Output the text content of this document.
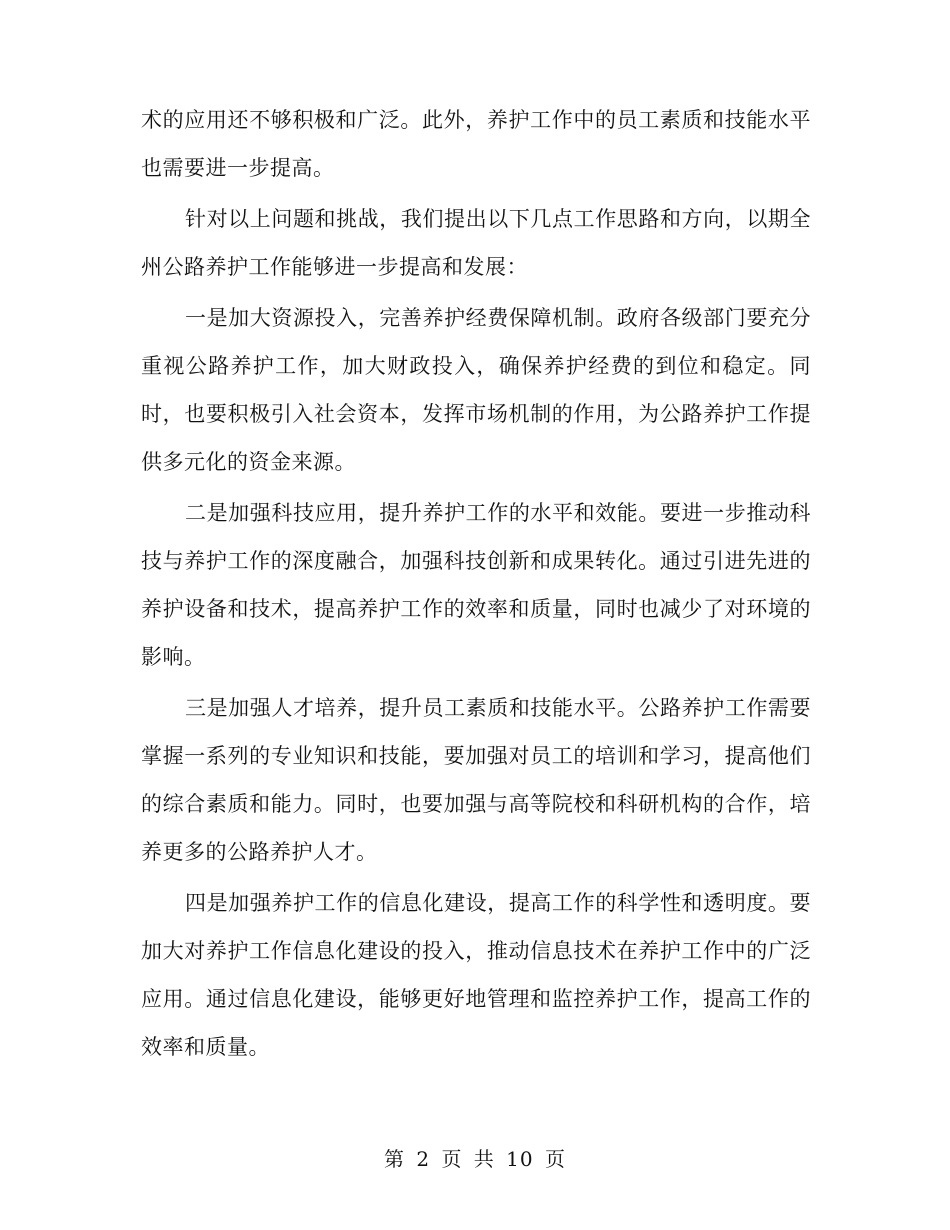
术的应用还不够积极和广泛。此外，养护工作中的员工素质和技能水平也需要进一步提高。

针对以上问题和挑战，我们提出以下几点工作思路和方向，以期全州公路养护工作能够进一步提高和发展：

一是加大资源投入，完善养护经费保障机制。政府各级部门要充分重视公路养护工作，加大财政投入，确保养护经费的到位和稳定。同时，也要积极引入社会资本，发挥市场机制的作用，为公路养护工作提供多元化的资金来源。

二是加强科技应用，提升养护工作的水平和效能。要进一步推动科技与养护工作的深度融合，加强科技创新和成果转化。通过引进先进的养护设备和技术，提高养护工作的效率和质量，同时也减少了对环境的影响。

三是加强人才培养，提升员工素质和技能水平。公路养护工作需要掌握一系列的专业知识和技能，要加强对员工的培训和学习，提高他们的综合素质和能力。同时，也要加强与高等院校和科研机构的合作，培养更多的公路养护人才。

四是加强养护工作的信息化建设，提高工作的科学性和透明度。要加大对养护工作信息化建设的投入，推动信息技术在养护工作中的广泛应用。通过信息化建设，能够更好地管理和监控养护工作，提高工作的效率和质量。

第 2 页 共 10 页
